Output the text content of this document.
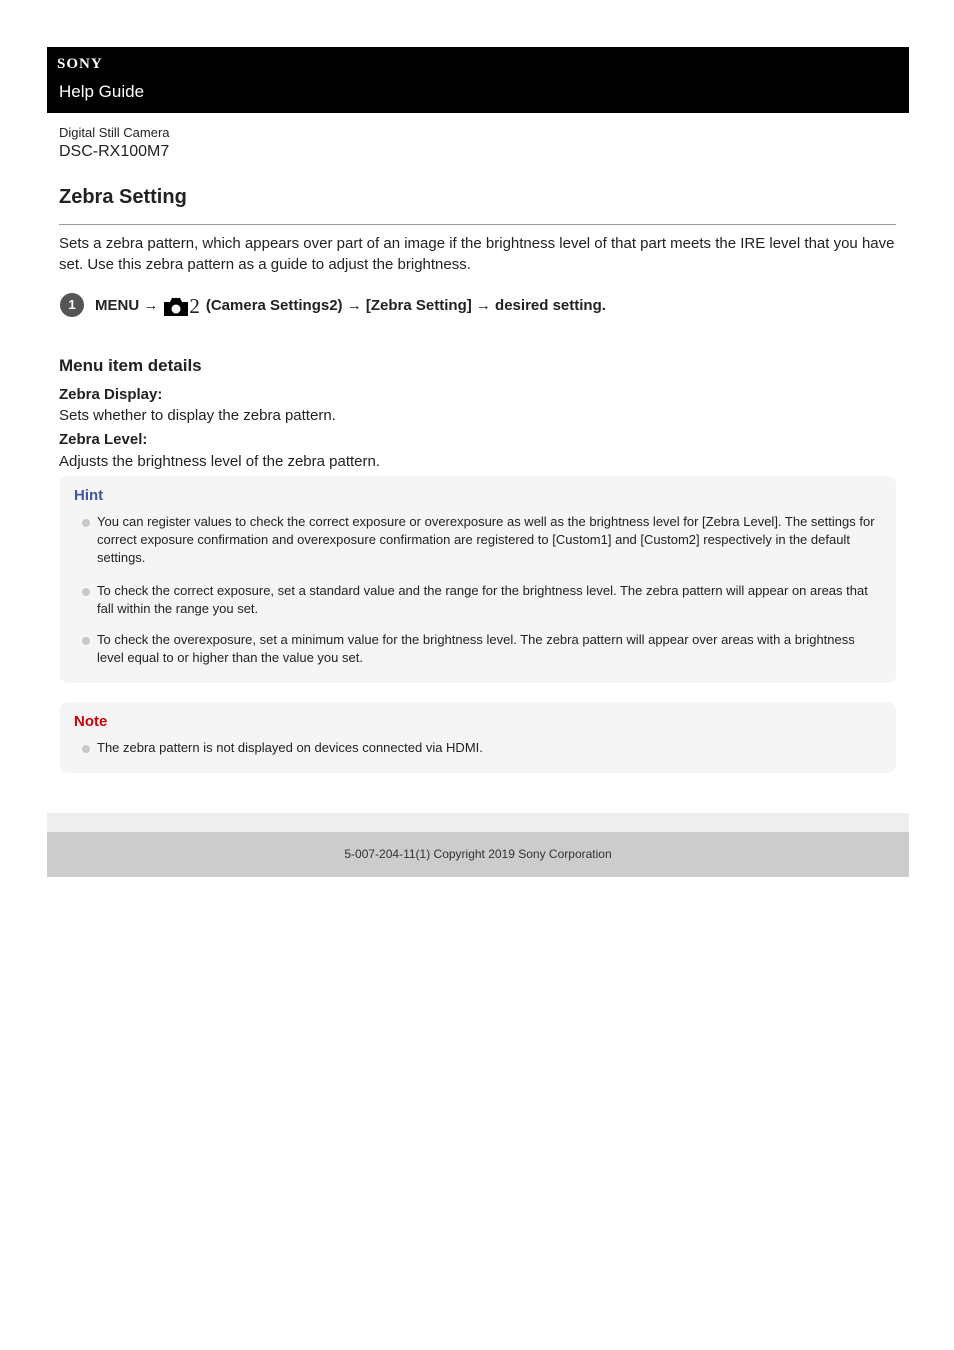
SONY
Help Guide
Digital Still Camera
DSC-RX100M7
Zebra Setting

Sets a zebra pattern, which appears over part of an image if the brightness level of that part meets the IRE level that you have set. Use this zebra pattern as a guide to adjust the brightness.

1	MENU → 2 (Camera Settings2) → [Zebra Setting] → desired setting.
Menu item details
Zebra Display:
Sets whether to display the zebra pattern.
Zebra Level:
Adjusts the brightness level of the zebra pattern.
Hint
You can register values to check the correct exposure or overexposure as well as the brightness level for [Zebra Level]. The settings for correct exposure confirmation and overexposure confirmation are registered to [Custom1] and [Custom2] respectively in the default settings.
To check the correct exposure, set a standard value and the range for the brightness level. The zebra pattern will appear on areas that fall within the range you set.
To check the overexposure, set a minimum value for the brightness level. The zebra pattern will appear over areas with a brightness level equal to or higher than the value you set.
Note
The zebra pattern is not displayed on devices connected via HDMI.
5-007-204-11(1) Copyright 2019 Sony Corporation
